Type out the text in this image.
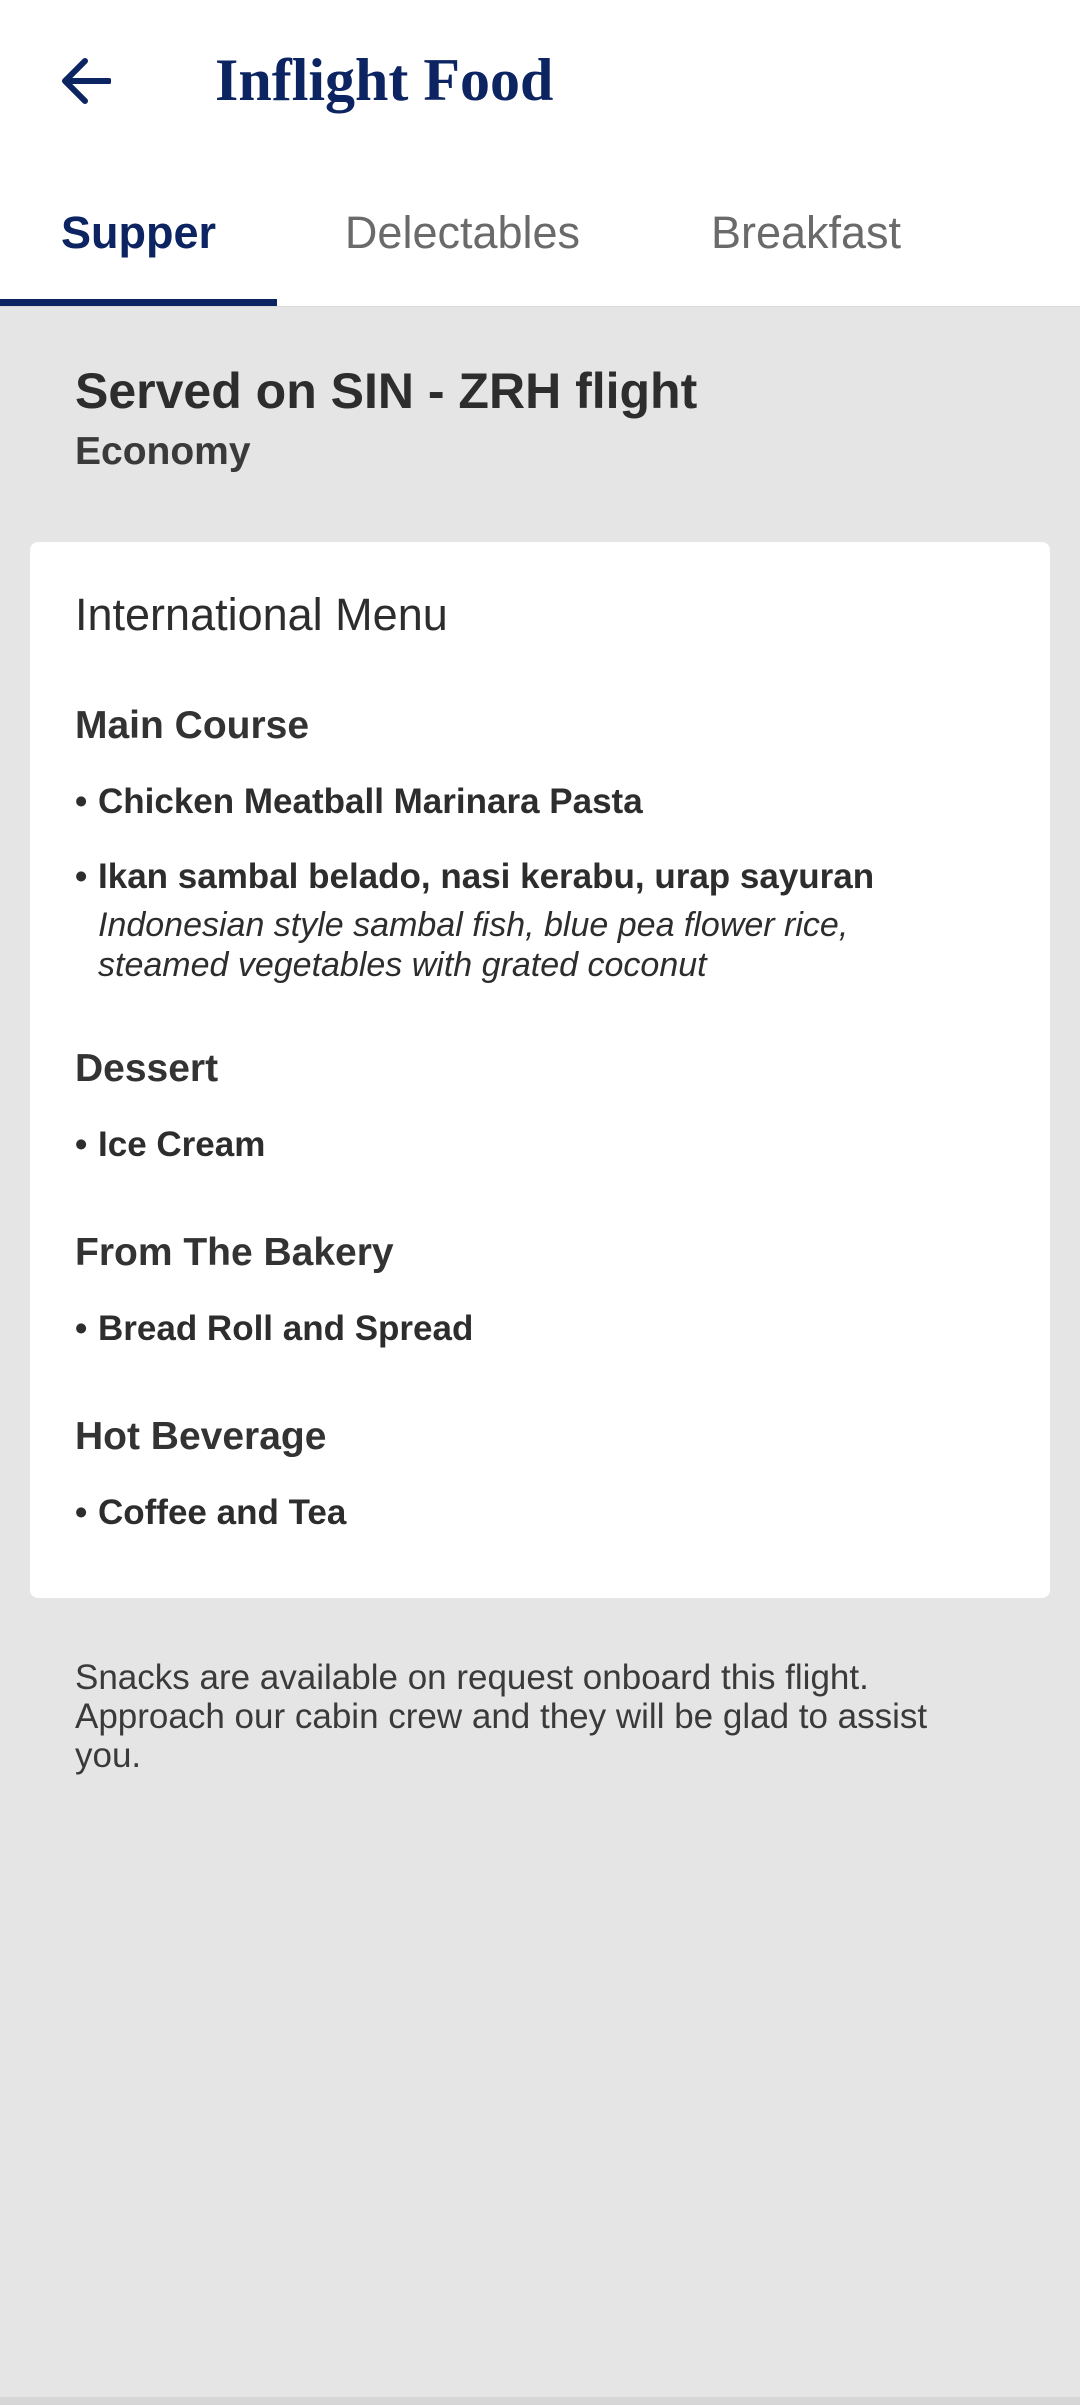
Inflight Food
Supper	Delectables	Breakfast
Served on SIN - ZRH flight
Economy
International Menu
Main Course
• Chicken Meatball Marinara Pasta
• Ikan sambal belado, nasi kerabu, urap sayuran
Indonesian style sambal fish, blue pea flower rice, steamed vegetables with grated coconut
Dessert
• Ice Cream
From The Bakery
• Bread Roll and Spread
Hot Beverage
• Coffee and Tea
Snacks are available on request onboard this flight. Approach our cabin crew and they will be glad to assist you.
